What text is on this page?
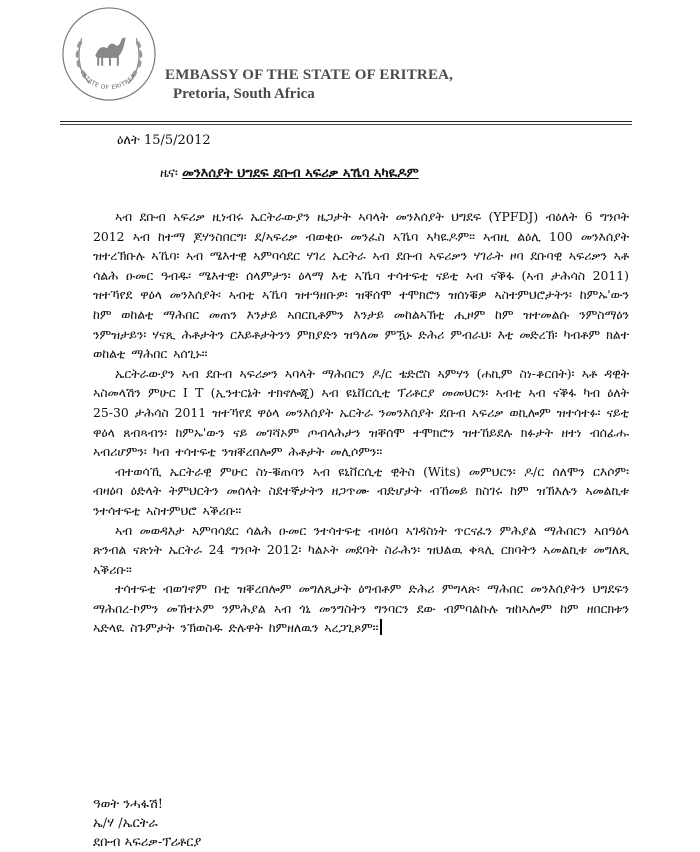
STATE OF ERITREA EMBASSY OF THE STATE OF ERITREA,
Pretoria, South Africa
ዕለት 15/5/2012
ዜና፡ መንእሰያት ህግደፍ ደቡብ ኣፍሪቃ ኣኼባ ኣካዪዶም

ኣብ ደቡብ ኣፍሪቃ ዚነብሩ ኤርትራውያን ዜጋታት ኣባላት መንእሰያት ህግደፍ (YPFDJ) ብዕለት 6 ግንቦት 2012 ኣብ ከተማ ጆሃንስበርግ፡ ደ/ኣፍሪቃ ብወቂዑ መንፈስ ኣኼባ ኣካዪዶም። ኣብዚ ልዕሊ 100 መንእሰያት ዝተረኽቡሉ ኣኼባ፡ ኣብ ሜእተዊ ኣምባሳደር ሃገረ ኤርትራ ኣብ ደቡብ ኣፍሪቃን ሃገራት ዞባ ደቡባዊ ኣፍሪቃን ኣቶ ሳልሕ ዑመር ዓብዱ፡ ሜእተዊ፡ ሰላምታን፡ ዕላማ እቲ ኣኼባ ተሳተፍቲ ናይቲ ኣብ ናቕፋ (ኣብ ታሕሳስ 2011) ዝተኻየደ ዋዕላ መንእሰያት፡ ኣብቲ ኣኼባ ዝተዓዘቡዎ፡ ዝቐሰሞ ተሞክሮን ዝሰነቑዎ ኣስተምህሮታትን፡ ከምኡ'ውን ከም ወከልቲ ማሕበር መጠን እንታይ ኣበርኪቶምን እንታይ መከልኣኽቲ ሒዞም ከም ዝተመልሱ ንምስማዕን ንምዝታይን፡ ሃናጺ ሕቶታትን ርእይቶታትንን ምክያድን ዝዓለመ ምዃኑ ድሕሪ ምብራህ፡ እቲ መድረኽ፡ ካብቶም ክልተ ወከልቲ ማሕበር ኣሰጊኑ።

ኤርትራውያን ኣብ ደቡብ ኣፍሪቃን ኣባላት ማሕበርን ዶ/ር ቴድሮስ ኣምሃን (ሐኪም ስነ-ቆርበት)፡ ኣቶ ዳዊት ኣስመላሽን ምሁር I T (ኢንተርኔት ተክኖሎጂ) ኣብ ዩኒቨርሲቲ ፕሪቶርያ መመህርን፡ ኣብቲ ኣብ ናቕፋ ካብ ዕለት 25-30 ታሕሳስ 2011 ዝተኻየደ ዋዕላ መንእሰያት ኤርትራ ንመንእሰያት ደቡብ ኣፍሪቃ ወኪሎም ዝተሳተፉ፡ ናይቲ ዋዕላ ጸብጻብን፡ ከምኡ'ውን ናይ መገሻኦም ጦብላሕታን ዝቐሰሞ ተሞክሮን ዝተኸይደሉ ክፉታት ዘተነ ብሰፊሑ ኣብሪሆምን፡ ካብ ተሳተፍቲ ንዝቐረበሎም ሕቶታት መሊሶምን።

ብተወሳኺ ኤርትራዊ ምሁር ስነ-ቑጠባን ኣብ ዩኒቨርሲቲ ዊትስ (Wits) መምህርን፡ ዶ/ር ሰለሞን ርእሶም፡ ብዛዕባ ዕድላት ትምህርትን መሰላት ስደተኞታትን ዘጋጥሙ ብድሆታት ብኸመይ ክስገሩ ከም ዝኽእሉን ኣመልኪቱ ንተሳተፍቲ ኣስተምህሮ ኣቕሪቡ።

ኣብ መወዳእታ ኣምባሳደር ሳልሕ ዑመር ንተሳተፍቲ ብዛዕባ ኣገዳስነት ጥርናፈን ምሕያል ማሕበርን ኣበዓዕላ ጽንብል ናጽነት ኤርትራ 24 ግንቦት 2012፡ ካልኦት መደባት ስራሕን፡ ዝህልዉ ቀጻሊ ርክባትን ኣመልኪቱ መግለጺ ኣቕሪቡ።

ተሳተፍቲ ብወገኖም በቲ ዝቐረበሎም መግለጺታት ዕግብቶም ድሕሪ ምግላጽ፡ ማሕበር መንእሰያትን ህግደፍን ማሕበረ-ኮምን መኽተኦም ንምሕያል ኣብ ጎኒ መንግስትን ግንባርን ደው ብምባልኩሉ ዝከኣሎም ከም ዘበርክቱን ኣድላዪ ስጉምታት ንኽወስዱ ድሉዋት ከምዘለዉን ኣረጋጊጾም።

ዓወት ንሓፋሽ!
ኤ/ሃ /ኤርትራ
ደቡብ ኣፍሪቃ-ፕሪቶርያ
